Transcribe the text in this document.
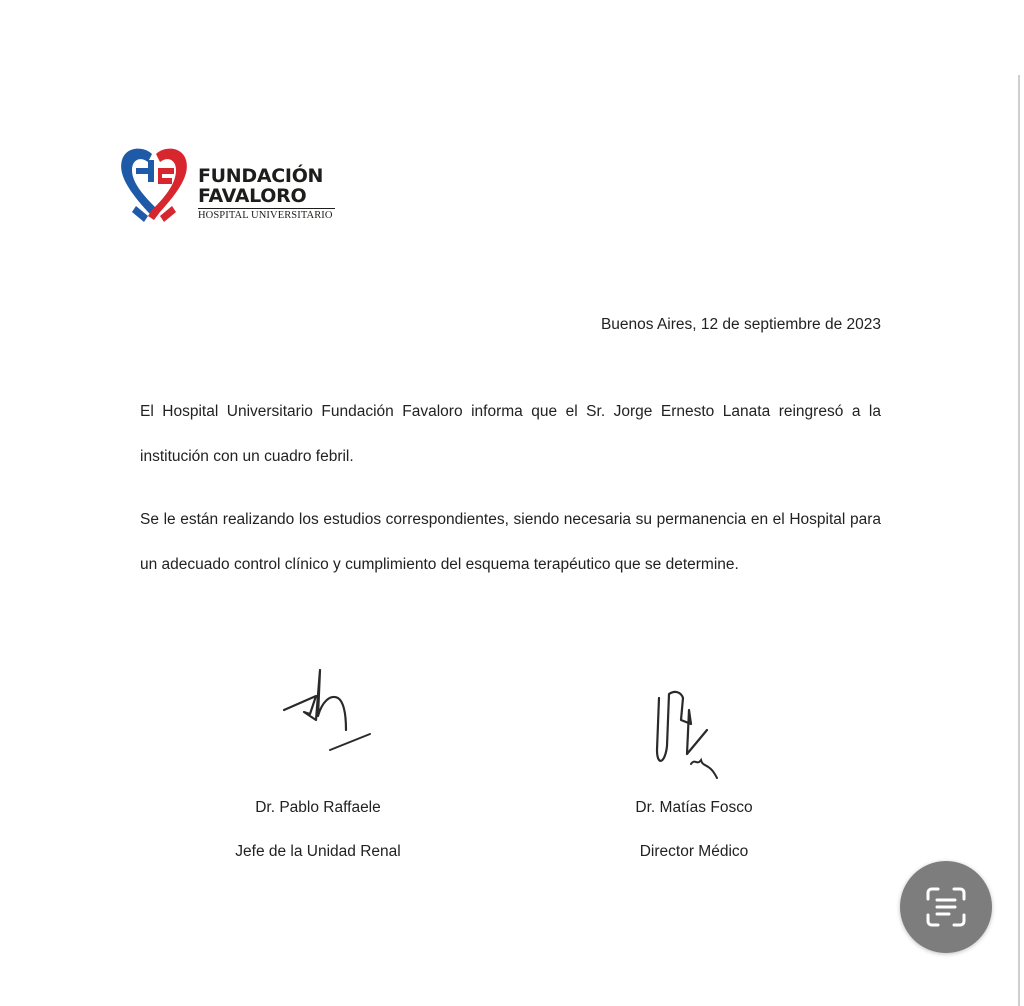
FUNDACIÓN
FAVALORO
HOSPITAL UNIVERSITARIO
Buenos Aires, 12 de septiembre de 2023

El Hospital Universitario Fundación Favaloro informa que el Sr. Jorge Ernesto Lanata reingresó a la institución con un cuadro febril.

Se le están realizando los estudios correspondientes, siendo necesaria su permanencia en el Hospital para un adecuado control clínico y cumplimiento del esquema terapéutico que se determine.

Dr. Pablo Raffaele
Jefe de la Unidad Renal
Dr. Matías Fosco
Director Médico
